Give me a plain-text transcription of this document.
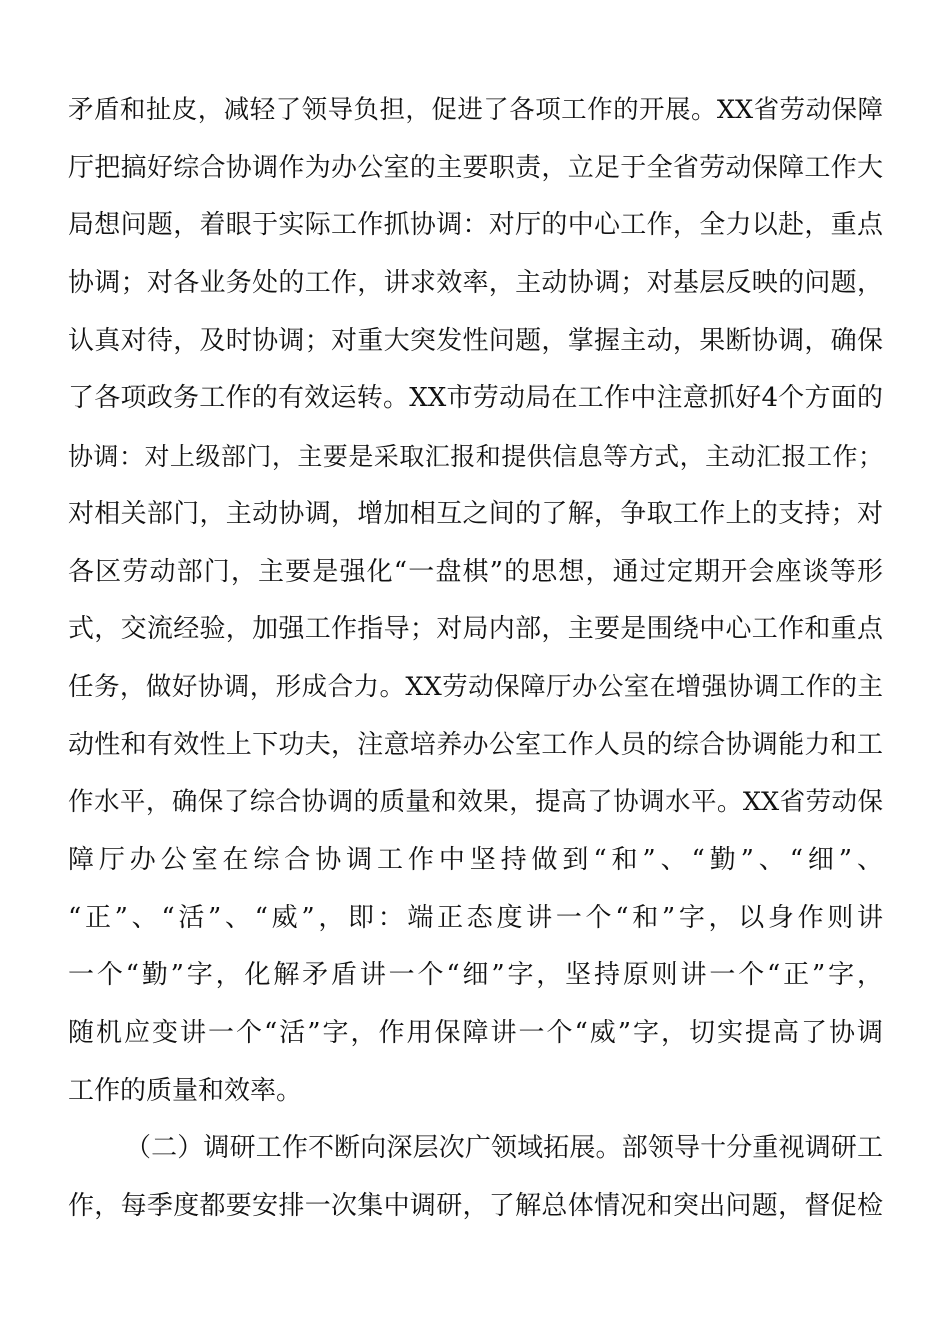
矛盾和扯皮，减轻了领导负担，促进了各项工作的开展。XX省劳动保障
厅把搞好综合协调作为办公室的主要职责，立足于全省劳动保障工作大
局想问题，着眼于实际工作抓协调：对厅的中心工作，全力以赴，重点
协调；对各业务处的工作，讲求效率，主动协调；对基层反映的问题，
认真对待，及时协调；对重大突发性问题，掌握主动，果断协调，确保
了各项政务工作的有效运转。XX市劳动局在工作中注意抓好4个方面的
协调：对上级部门，主要是采取汇报和提供信息等方式，主动汇报工作；
对相关部门，主动协调，增加相互之间的了解，争取工作上的支持；对
各区劳动部门，主要是强化“一盘棋”的思想，通过定期开会座谈等形
式，交流经验，加强工作指导；对局内部，主要是围绕中心工作和重点
任务，做好协调，形成合力。XX劳动保障厅办公室在增强协调工作的主
动性和有效性上下功夫，注意培养办公室工作人员的综合协调能力和工
作水平，确保了综合协调的质量和效果，提高了协调水平。XX省劳动保
障厅办公室在综合协调工作中坚持做到“和”、“勤”、“细”、
“正”、“活”、“威”，即：端正态度讲一个“和”字，以身作则讲
一个“勤”字，化解矛盾讲一个“细”字，坚持原则讲一个“正”字，
随机应变讲一个“活”字，作用保障讲一个“威”字，切实提高了协调
工作的质量和效率。
（二）调研工作不断向深层次广领域拓展。部领导十分重视调研工
作，每季度都要安排一次集中调研，了解总体情况和突出问题，督促检
